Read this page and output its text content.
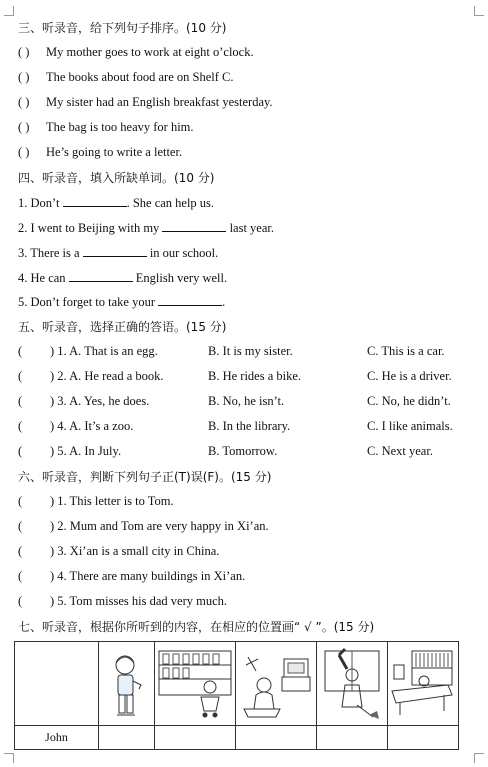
三、听录音，给下列句子排序。(10 分)
( ) My mother goes to work at eight o’clock.
( ) The books about food are on Shelf C.
( ) My sister had an English breakfast yesterday.
( ) The bag is too heavy for him.
( ) He’s going to write a letter.
四、听录音，填入所缺单词。(10 分)
1. Don’t	. She can help us.
2. I went to Beijing with my	last year.
3. There is a	in our school.
4. He can	English very well.
5. Don’t forget to take your	.
五、听录音，选择正确的答语。(15 分)
( ) 1. A. That is an egg.	B. It is my sister.	C. This is a car.
( ) 2. A. He read a book.	B. He rides a bike.	C. He is a driver.
( ) 3. A. Yes, he does.	B. No, he isn’t.	C. No, he didn’t.
( ) 4. A. It’s a zoo.	B. In the library.	C. I like animals.
( ) 5. A. In July.	B. Tomorrow.	C. Next year.
六、听录音，判断下列句子正(T)误(F)。(15 分)
( ) 1. This letter is to Tom.
( ) 2. Mum and Tom are very happy in Xi’an.
( ) 3. Xi’an is a small city in China.
( ) 4. There are many buildings in Xi’an.
( ) 5. Tom misses his dad very much.
七、听录音，根据你所听到的内容，在相应的位置画“ √ ”。(15 分)

John					
